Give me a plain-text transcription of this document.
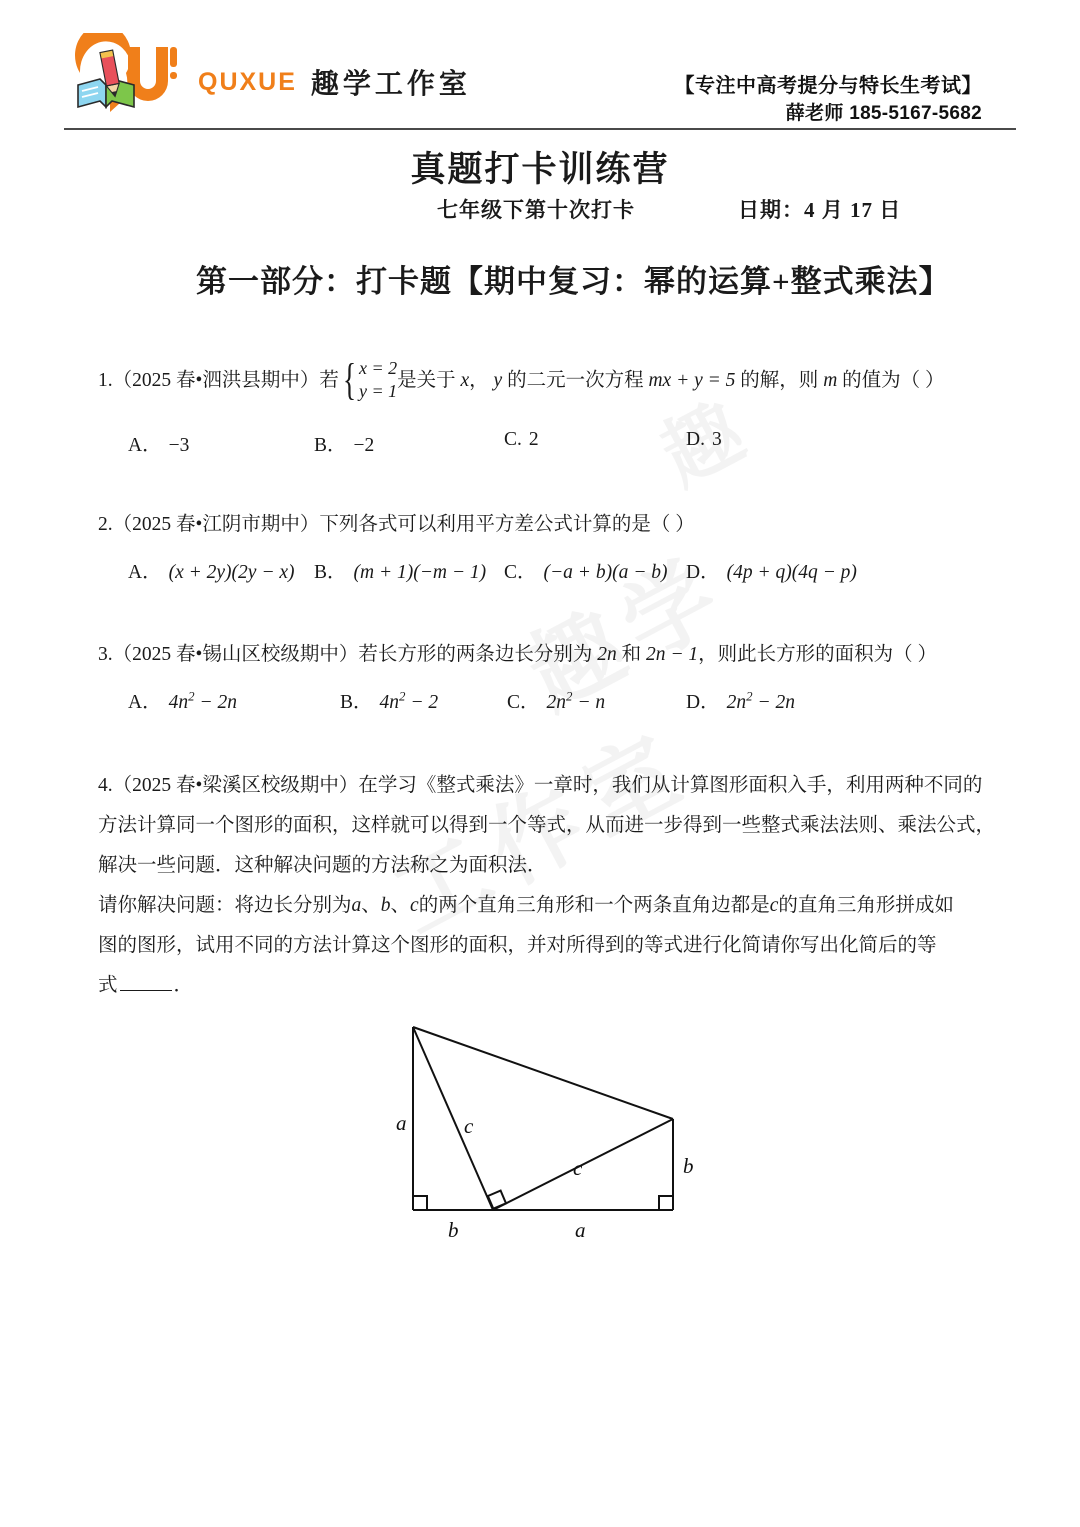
QUXUE 趣学工作室	【专注中高考提分与特长生考试】
薛老师 185-5167-5682
真题打卡训练营
七年级下第十次打卡	日期：4 月 17 日
第一部分：打卡题【期中复习：幂的运算+整式乘法】
1.（2025 春•泗洪县期中）若 { x = 2
y = 1
是关于 x， y 的二元一次方程 mx + y = 5 的解，则 m 的值为（ ）
A． −3	B． −2	C. 2	D. 3
2.（2025 春•江阴市期中）下列各式可以利用平方差公式计算的是（ ）
A． (x + 2y)(2y − x) B． (m + 1)(−m − 1) C． (−a + b)(a − b) D． (4p + q)(4q − p)
3.（2025 春•锡山区校级期中）若长方形的两条边长分别为 2n 和 2n − 1，则此长方形的面积为（ ）
A． $4n^2 - 2n$	B． $4n^2 - 2$	C． $2n^2 - n$	D． $2n^2 - 2n$
4.（2025 春•梁溪区校级期中）在学习《整式乘法》一章时，我们从计算图形面积入手，利用两种不同的
方法计算同一个图形的面积，这样就可以得到一个等式，从而进一步得到一些整式乘法法则、乘法公式，
解决一些问题．这种解决问题的方法称之为面积法．
请你解决问题：将边长分别为a、b、c的两个直角三角形和一个两条直角边都是c的直角三角形拼成如
图的图形，试用不同的方法计算这个图形的面积，并对所得到的等式进行化简请你写出化简后的等
式	．
a	c
c	b
b	a
